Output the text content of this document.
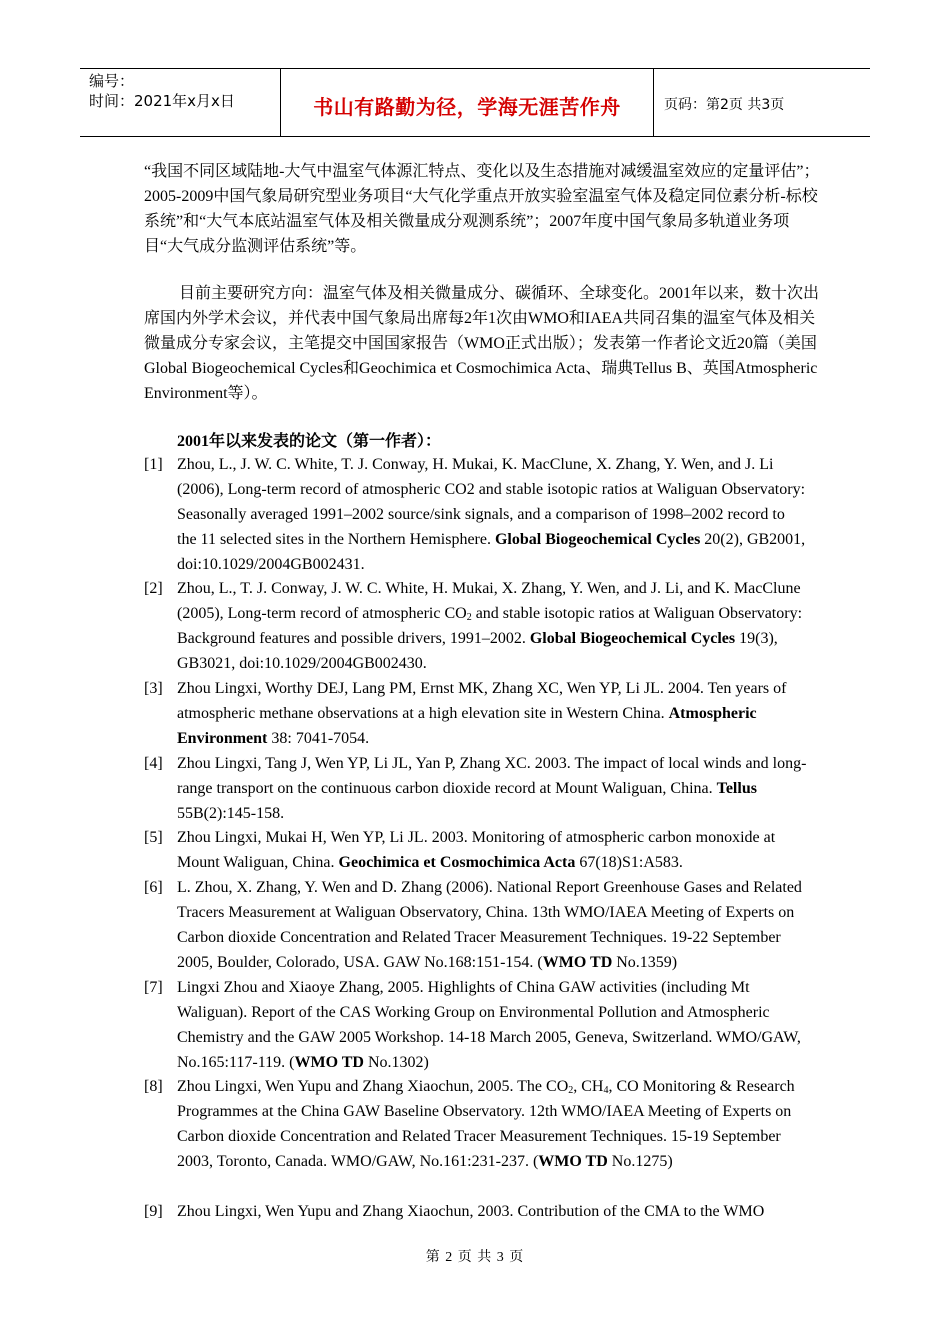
编号：
时间：2021年x月x日	书山有路勤为径，学海无涯苦作舟	页码：第2页 共3页
“我国不同区域陆地-大气中温室气体源汇特点、变化以及生态措施对减缓温室效应的定量评估”；2005-2009中国气象局研究型业务项目“大气化学重点开放实验室温室气体及稳定同位素分析-标校系统”和“大气本底站温室气体及相关微量成分观测系统”；2007年度中国气象局多轨道业务项目“大气成分监测评估系统”等。
目前主要研究方向：温室气体及相关微量成分、碳循环、全球变化。2001年以来，数十次出席国内外学术会议，并代表中国气象局出席每2年1次由WMO和IAEA共同召集的温室气体及相关微量成分专家会议，主笔提交中国国家报告（WMO正式出版）；发表第一作者论文近20篇（美国Global Biogeochemical Cycles和Geochimica et Cosmochimica Acta、瑞典Tellus B、英国Atmospheric Environment等）。
2001年以来发表的论文（第一作者）：
[1] Zhou, L., J. W. C. White, T. J. Conway, H. Mukai, K. MacClune, X. Zhang, Y. Wen, and J. Li (2006), Long-term record of atmospheric CO2 and stable isotopic ratios at Waliguan Observatory: Seasonally averaged 1991–2002 source/sink signals, and a comparison of 1998–2002 record to the 11 selected sites in the Northern Hemisphere. Global Biogeochemical Cycles 20(2), GB2001, doi:10.1029/2004GB002431.
[2] Zhou, L., T. J. Conway, J. W. C. White, H. Mukai, X. Zhang, Y. Wen, and J. Li, and K. MacClune (2005), Long-term record of atmospheric $CO_2$ and stable isotopic ratios at Waliguan Observatory: Background features and possible drivers, 1991–2002. Global Biogeochemical Cycles 19(3), GB3021, doi:10.1029/2004GB002430.
[3] Zhou Lingxi, Worthy DEJ, Lang PM, Ernst MK, Zhang XC, Wen YP, Li JL. 2004. Ten years of atmospheric methane observations at a high elevation site in Western China. Atmospheric Environment 38: 7041-7054.
[4] Zhou Lingxi, Tang J, Wen YP, Li JL, Yan P, Zhang XC. 2003. The impact of local winds and long-range transport on the continuous carbon dioxide record at Mount Waliguan, China. Tellus 55B(2):145-158.
[5] Zhou Lingxi, Mukai H, Wen YP, Li JL. 2003. Monitoring of atmospheric carbon monoxide at Mount Waliguan, China. Geochimica et Cosmochimica Acta 67(18)S1:A583.
[6] L. Zhou, X. Zhang, Y. Wen and D. Zhang (2006). National Report Greenhouse Gases and Related Tracers Measurement at Waliguan Observatory, China. 13th WMO/IAEA Meeting of Experts on Carbon dioxide Concentration and Related Tracer Measurement Techniques. 19-22 September 2005, Boulder, Colorado, USA. GAW No.168:151-154. (WMO TD No.1359)
[7] Lingxi Zhou and Xiaoye Zhang, 2005. Highlights of China GAW activities (including Mt Waliguan). Report of the CAS Working Group on Environmental Pollution and Atmospheric Chemistry and the GAW 2005 Workshop. 14-18 March 2005, Geneva, Switzerland. WMO/GAW, No.165:117-119. (WMO TD No.1302)
[8] Zhou Lingxi, Wen Yupu and Zhang Xiaochun, 2005. The $CO_2$, $CH_4$, CO Monitoring & Research Programmes at the China GAW Baseline Observatory. 12th WMO/IAEA Meeting of Experts on Carbon dioxide Concentration and Related Tracer Measurement Techniques. 15-19 September 2003, Toronto, Canada. WMO/GAW, No.161:231-237. (WMO TD No.1275)
[9] Zhou Lingxi, Wen Yupu and Zhang Xiaochun, 2003. Contribution of the CMA to the WMO
第 2 页 共 3 页
